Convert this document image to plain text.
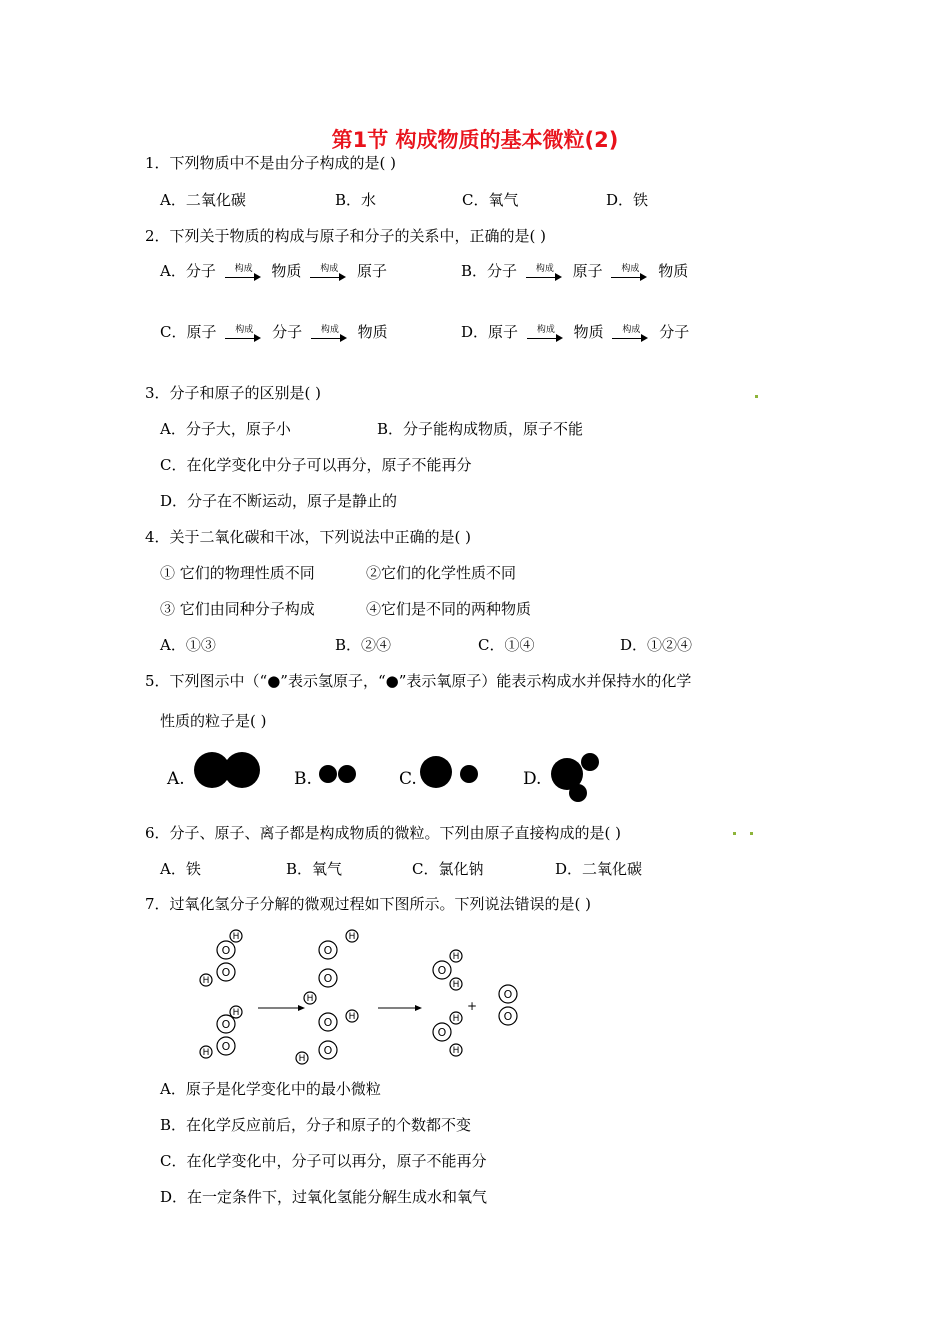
第1节 构成物质的基本微粒(2)
1．下列物质中不是由分子构成的是( )
A．二氧化碳	B．水	C．氧气	D．铁
2．下列关于物质的构成与原子和分子的关系中，正确的是( )
A．分子 构成 物质 构成 原子	B．分子 构成 原子 构成 物质
C．原子 构成 分子 构成 物质	D．原子 构成 物质 构成 分子
3．分子和原子的区别是( )
A．分子大，原子小	B．分子能构成物质，原子不能
C．在化学变化中分子可以再分，原子不能再分
D．分子在不断运动，原子是静止的
4．关于二氧化碳和干冰，下列说法中正确的是( )
① 它们的物理性质不同	②它们的化学性质不同
③ 它们由同种分子构成	④它们是不同的两种物质
A．①③	B．②④	C．①④	D．①②④
5．下列图示中（“●”表示氢原子，“●”表示氧原子）能表示构成水并保持水的化学
性质的粒子是( )
A.	B.	C.	D.
6．分子、原子、离子都是构成物质的微粒。下列由原子直接构成的是( )
A．铁	B．氧气	C．氯化钠	D．二氧化碳
7．过氧化氢分子分解的微观过程如下图所示。下列说法错误的是( )
H
O
O
H
H
O
O
H
H
O
O
H
H
O
O
H
H
O
H
H
O
H
O
O
+
A．原子是化学变化中的最小微粒
B．在化学反应前后，分子和原子的个数都不变
C．在化学变化中，分子可以再分，原子不能再分
D．在一定条件下，过氧化氢能分解生成水和氧气
